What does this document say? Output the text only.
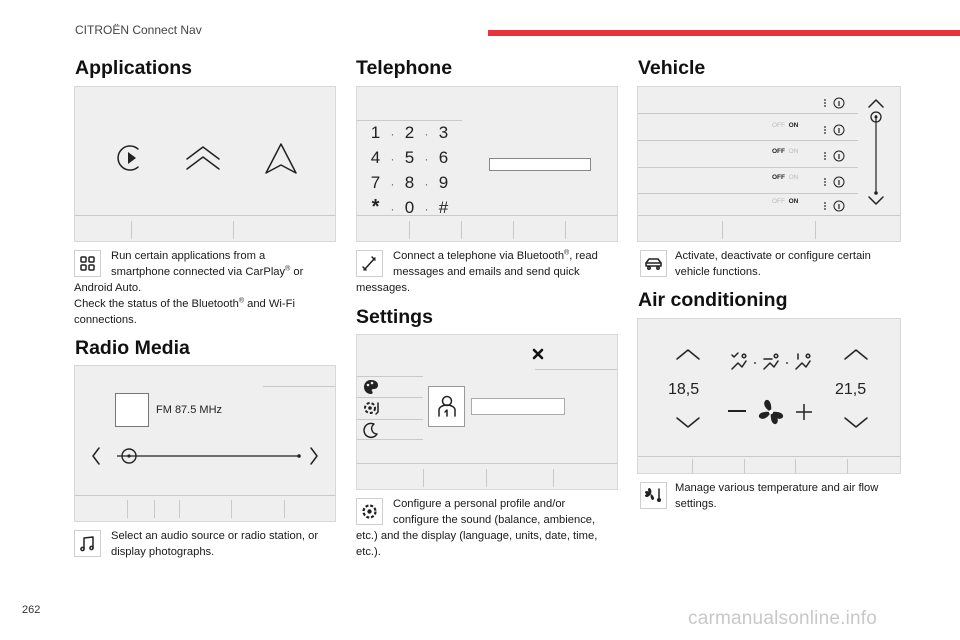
CITROËN Connect Nav
Applications

Run certain applications from a

smartphone connected via CarPlay® or

Android Auto.

Check the status of the Bluetooth® and Wi-Fi

connections.

Radio Media
FM 87.5 MHz

Select an audio source or radio station, or

display photographs.

Telephone
1 · 2 · 3
4 · 5 · 6
7 · 8 · 9
* · 0 · #

Connect a telephone via Bluetooth®, read

messages and emails and send quick

messages.

Settings

Configure a personal profile and/or

configure the sound (balance, ambience,

etc.) and the display (language, units, date, time,

etc.).

Vehicle
OFF ON
OFF ON
OFF ON
OFF ON

Activate, deactivate or configure certain

vehicle functions.

Air conditioning
18,5	21,5

Manage various temperature and air flow

settings.

262	carmanualsonline.info
